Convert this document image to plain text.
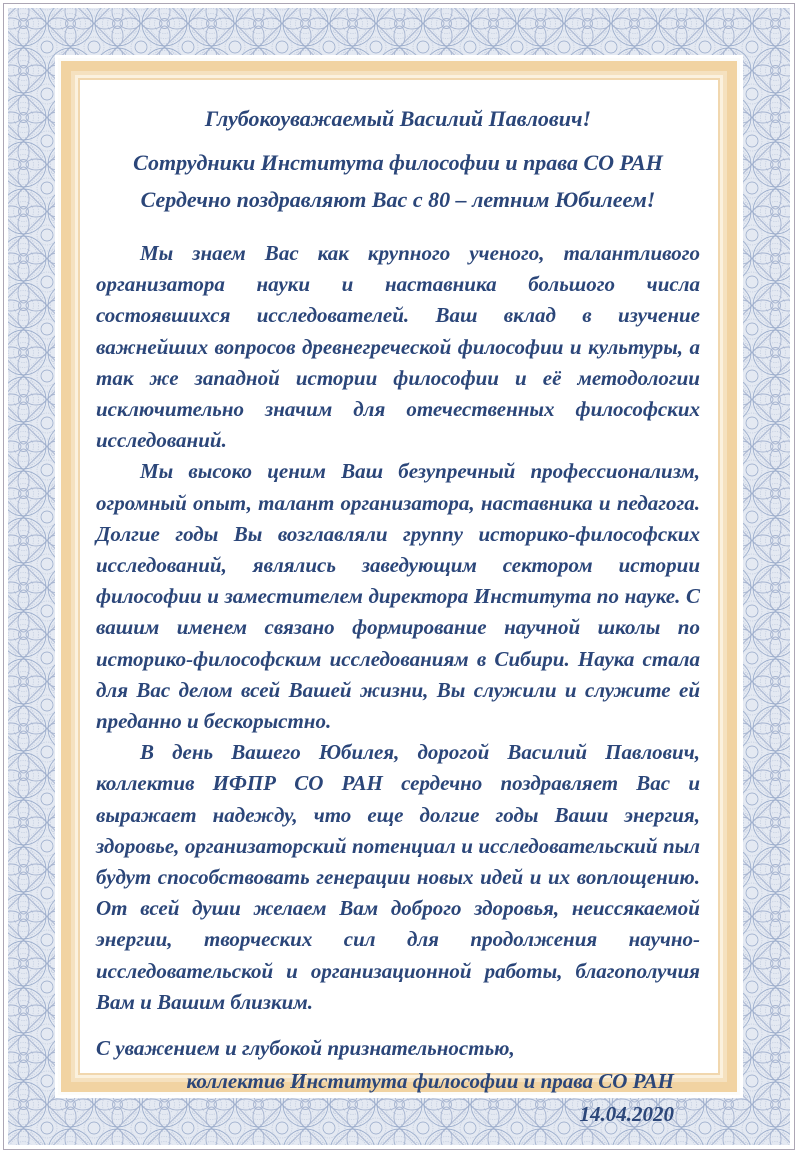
Глубокоуважаемый Василий Павлович!
Сотрудники Института философии и права СО РАН
Сердечно поздравляют Вас с 80 – летним Юбилеем!

Мы знаем Вас как крупного ученого, талантливого организатора науки и наставника большого числа состоявшихся исследователей. Ваш вклад в изучение важнейших вопросов древнегреческой философии и культуры, а так же западной истории философии и её методологии исключительно значим для отечественных философских исследований.

Мы высоко ценим Ваш безупречный профессионализм, огромный опыт, талант организатора, наставника и педагога. Долгие годы Вы возглавляли группу историко-философских исследований, являлись заведующим сектором истории философии и заместителем директора Института по науке. С вашим именем связано формирование научной школы по историко-философским исследованиям в Сибири. Наука стала для Вас делом всей Вашей жизни, Вы служили и служите ей преданно и бескорыстно.

В день Вашего Юбилея, дорогой Василий Павлович, коллектив ИФПР СО РАН сердечно поздравляет Вас и выражает надежду, что еще долгие годы Ваши энергия, здоровье, организаторский потенциал и исследовательский пыл будут способствовать генерации новых идей и их воплощению. От всей души желаем Вам доброго здоровья, неиссякаемой энергии, творческих сил для продолжения научно-исследовательской и организационной работы, благополучия Вам и Вашим близким.

С уважением и глубокой признательностью,
коллектив Института философии и права СО РАН
14.04.2020
